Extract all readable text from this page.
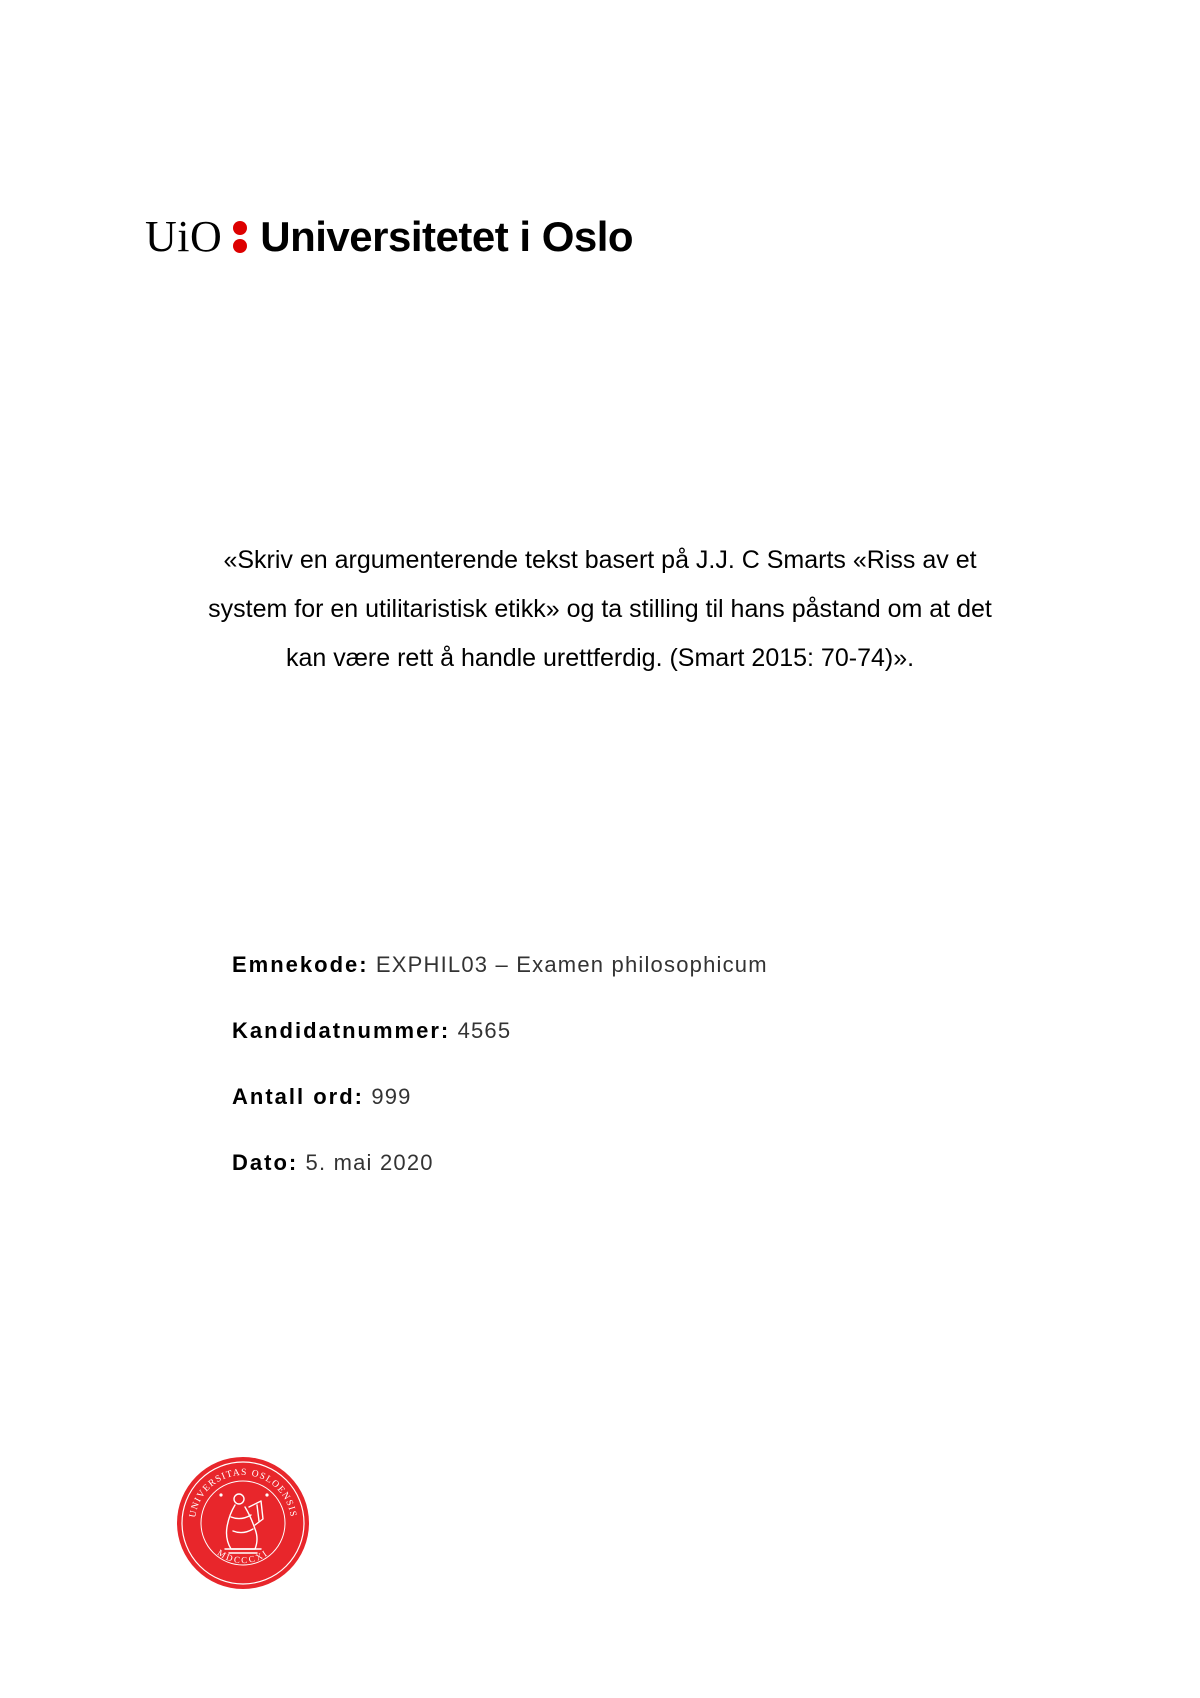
UiO Universitetet i Oslo
«Skriv en argumenterende tekst basert på J.J. C Smarts «Riss av et
system for en utilitaristisk etikk» og ta stilling til hans påstand om at det
kan være rett å handle urettferdig. (Smart 2015: 70-74)».
Emnekode: EXPHIL03 – Examen philosophicum
Kandidatnummer: 4565
Antall ord: 999
Dato: 5. mai 2020
UNIVERSITAS OSLOENSIS
MDCCCXI
